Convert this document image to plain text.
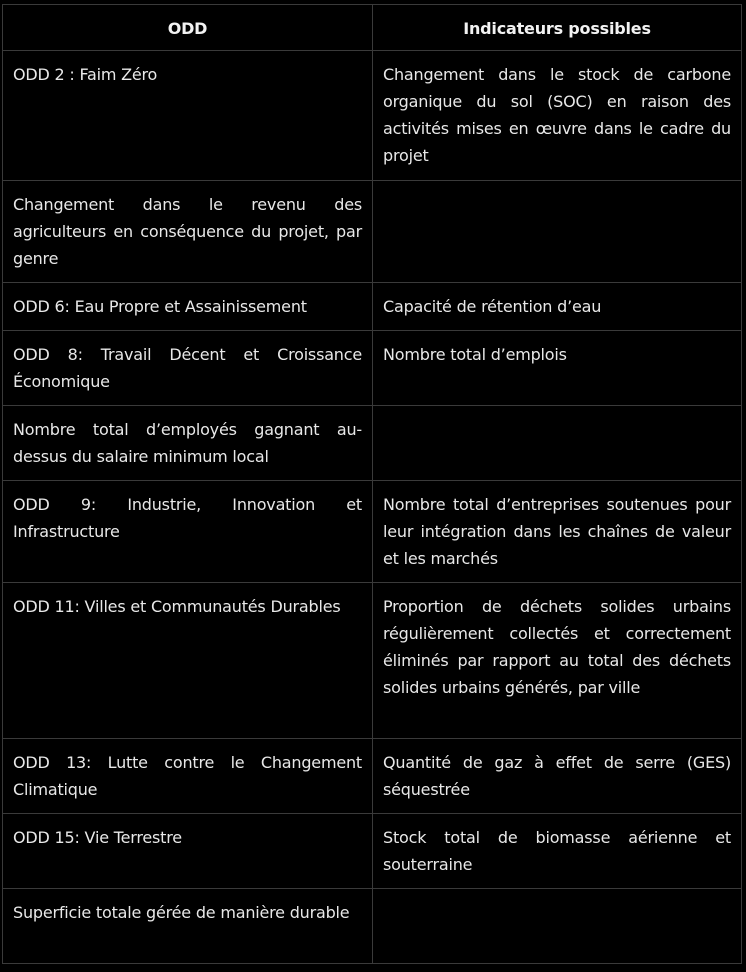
ODD	Indicateurs possibles
ODD 2 : Faim Zéro	Changement dans le stock de carbone organique du sol (SOC) en raison des activités mises en œuvre dans le cadre du projet
Changement dans le revenu des agriculteurs en conséquence du projet, par genre	
ODD 6: Eau Propre et Assainissement	Capacité de rétention d’eau
ODD 8: Travail Décent et Croissance Économique	Nombre total d’emplois
Nombre total d’employés gagnant au-dessus du salaire minimum local	
ODD 9: Industrie, Innovation et Infrastructure	Nombre total d’entreprises soutenues pour leur intégration dans les chaînes de valeur et les marchés
ODD 11: Villes et Communautés Durables	Proportion de déchets solides urbains régulièrement collectés et correctement éliminés par rapport au total des déchets solides urbains générés, par ville
ODD 13: Lutte contre le Changement Climatique	Quantité de gaz à effet de serre (GES) séquestrée
ODD 15: Vie Terrestre	Stock total de biomasse aérienne et souterraine
Superficie totale gérée de manière durable	
